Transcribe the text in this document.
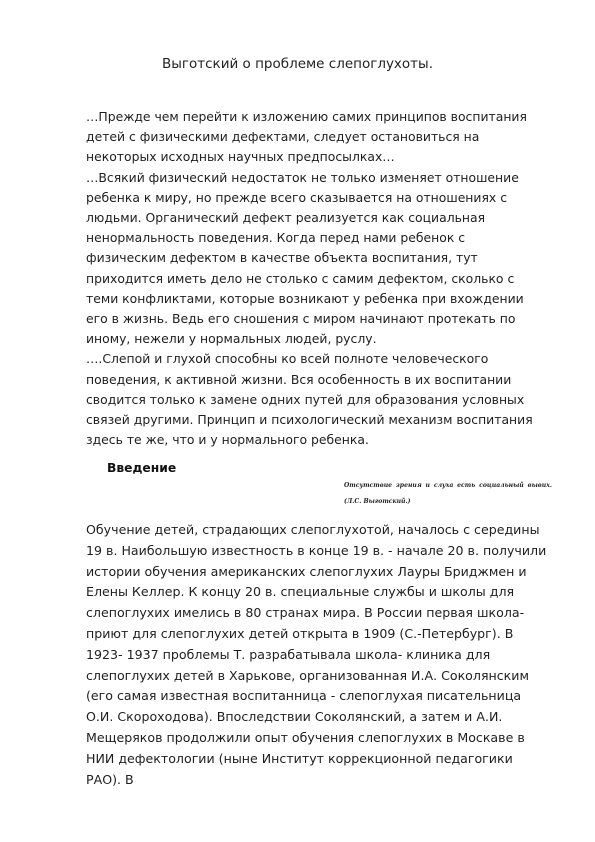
Выготский о проблеме слепоглухоты.

…Прежде чем перейти к изложению самих принципов воспитания детей с физическими дефектами, следует остановиться на некоторых исходных научных предпосылках…

…Всякий физический недостаток не только изменяет отношение ребенка к миру, но прежде всего сказывается на отношениях с людьми. Органический дефект реализуется как социальная ненормальность поведения. Когда перед нами ребенок с физическим дефектом в качестве объекта воспитания, тут приходится иметь дело не столько с самим дефектом, сколько с теми конфликтами, которые возникают у ребенка при вхождении его в жизнь. Ведь его сношения с миром начинают протекать по иному, нежели у нормальных людей, руслу.

….Слепой и глухой способны ко всей полноте человеческого поведения, к активной жизни. Вся особенность в их воспитании сводится только к замене одних путей для образования условных связей другими. Принцип и психологический механизм воспитания здесь те же, что и у нормального ребенка.

Введение
Отсутствие зрения и слуха есть социальный вывих. (Л.С. Выготский.)

Обучение детей, страдающих слепоглухотой, началось с середины 19 в. Наибольшую известность в конце 19 в. - начале 20 в. получили истории обучения американских слепоглухих Лауры Бриджмен и Елены Келлер. К концу 20 в. специальные службы и школы для слепоглухих имелись в 80 странах мира. В России первая школа-приют для слепоглухих детей открыта в 1909 (С.-Петербург). В 1923- 1937 проблемы Т. разрабатывала школа- клиника для слепоглухих детей в Харькове, организованная И.А. Соколянским (его самая известная воспитанница - слепоглухая писательница О.И. Скороходова). Впоследствии Соколянский, а затем и А.И. Мещеряков продолжили опыт обучения слепоглухих в Москаве в НИИ дефектологии (ныне Институт коррекционной педагогики РАО). В
